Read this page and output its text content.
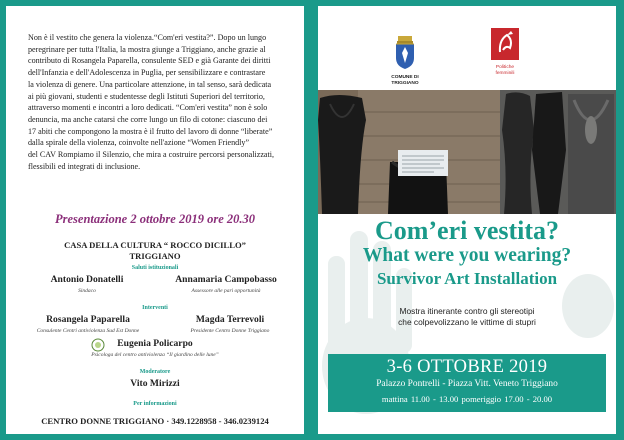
Non è il vestito che genera la violenza.“Com'eri vestita?”. Dopo un lungo
peregrinare per tutta l'Italia, la mostra giunge a Triggiano, anche grazie al
contributo di Rosangela Paparella, consulente SED e già Garante dei diritti
dell'Infanzia e dell'Adolescenza in Puglia, per sensibilizzare e contrastare
la violenza di genere. Una particolare attenzione, in tal senso, sarà dedicata
ai più giovani, studenti e studentesse degli Istituti Superiori del territorio,
attraverso momenti e incontri a loro dedicati. “Com'eri vestita” non è solo
denuncia, ma anche catarsi che corre lungo un filo di cotone: ciascuno dei
17 abiti che compongono la mostra è il frutto del lavoro di donne “liberate”
dalla spirale della violenza, coinvolte nell'azione “Women Friendly”
del CAV Rompiamo il Silenzio, che mira a costruire percorsi personalizzati,
flessibili ed integrati di inclusione.
Presentazione 2 ottobre 2019 ore 20.30
CASA DELLA CULTURA “ ROCCO DICILLO”
TRIGGIANO
Saluti istituzionali
Antonio Donatelli
Sindaco
Annamaria Campobasso
Assessore alle pari opportunità
Interventi
Rosangela Paparella
Consulente Centri antiviolenza Sud Est Donne
Magda Terrevoli
Presidente Centro Donne Triggiano
Eugenia Policarpo
Psicologa del centro antiviolenza “Il giardino delle lune”
Moderatore
Vito Mirizzi
Per informazioni
CENTRO DONNE TRIGGIANO · 349.1228958 - 346.0239124
COMUNE DI
TRIGGIANO
Politiche
femminili
Com’eri vestita?
What were you wearing?
Survivor Art Installation
Mostra itinerante contro gli stereotipi
che colpevolizzano le vittime di stupri
3-6 OTTOBRE 2019
Palazzo Pontrelli - Piazza Vitt. Veneto Triggiano
mattina 11.00 - 13.00 pomeriggio 17.00 - 20.00
